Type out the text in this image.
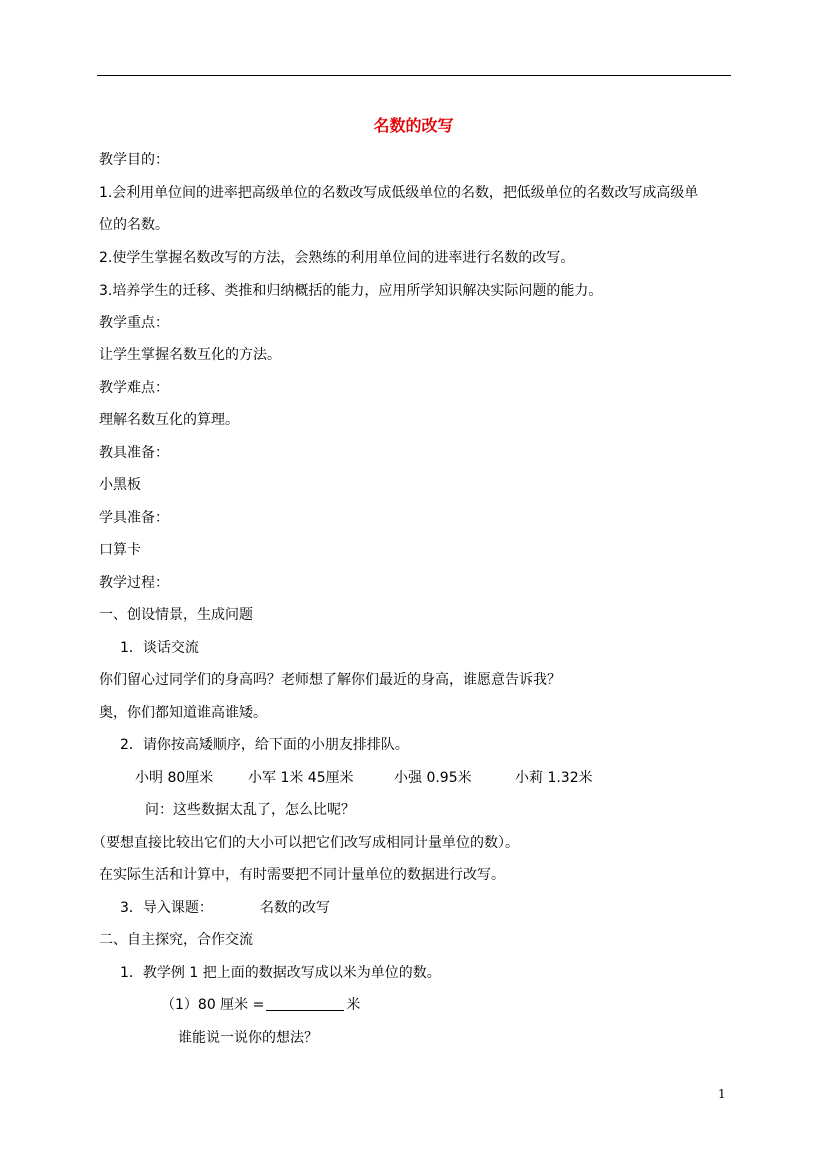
名数的改写
教学目的：
1.会利用单位间的进率把高级单位的名数改写成低级单位的名数，把低级单位的名数改写成高级单
位的名数。
2.使学生掌握名数改写的方法，会熟练的利用单位间的进率进行名数的改写。
3.培养学生的迁移、类推和归纳概括的能力，应用所学知识解决实际问题的能力。
教学重点：
让学生掌握名数互化的方法。
教学难点：
理解名数互化的算理。
教具准备：
小黑板
学具准备：
口算卡
教学过程：
一、创设情景，生成问题
1．谈话交流
你们留心过同学们的身高吗？老师想了解你们最近的身高，谁愿意告诉我？
奥，你们都知道谁高谁矮。
2．请你按高矮顺序，给下面的小朋友排排队。
小明 80厘米 小军 1米 45厘米	小强 0.95米	小莉 1.32米
问：这些数据太乱了，怎么比呢？
（要想直接比较出它们的大小可以把它们改写成相同计量单位的数）。
在实际生活和计算中，有时需要把不同计量单位的数据进行改写。
3．导入课题：	名数的改写
二、自主探究，合作交流
1．教学例 1 把上面的数据改写成以米为单位的数。
（1）80 厘米 =	米
谁能说一说你的想法？
1
